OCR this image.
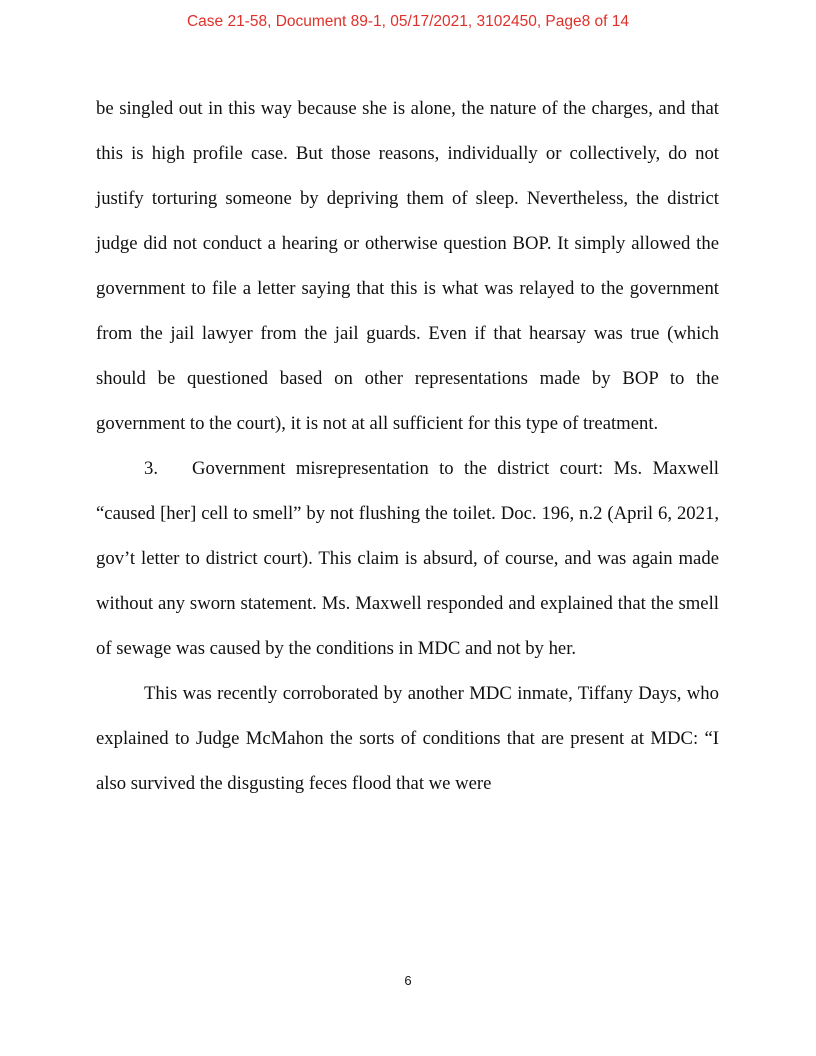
Case 21-58, Document 89-1, 05/17/2021, 3102450, Page8 of 14

be singled out in this way because she is alone, the nature of the charges, and that this is high profile case. But those reasons, individually or collectively, do not justify torturing someone by depriving them of sleep. Nevertheless, the district judge did not conduct a hearing or otherwise question BOP. It simply allowed the government to file a letter saying that this is what was relayed to the government from the jail lawyer from the jail guards. Even if that hearsay was true (which should be questioned based on other representations made by BOP to the government to the court), it is not at all sufficient for this type of treatment.

3. Government misrepresentation to the district court: Ms. Maxwell “caused [her] cell to smell” by not flushing the toilet. Doc. 196, n.2 (April 6, 2021, gov’t letter to district court). This claim is absurd, of course, and was again made without any sworn statement. Ms. Maxwell responded and explained that the smell of sewage was caused by the conditions in MDC and not by her.

This was recently corroborated by another MDC inmate, Tiffany Days, who explained to Judge McMahon the sorts of conditions that are present at MDC: “I also survived the disgusting feces flood that we were

6
